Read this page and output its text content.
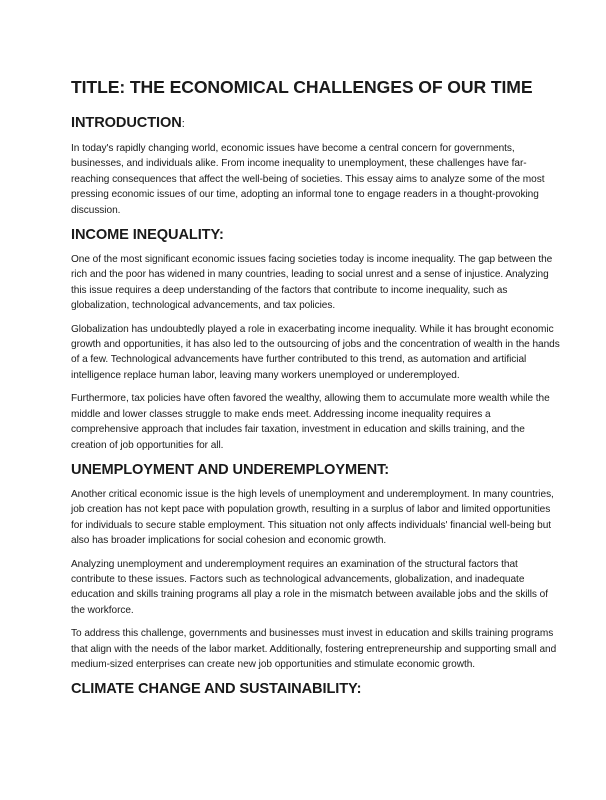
TITLE: THE ECONOMICAL CHALLENGES OF OUR TIME
INTRODUCTION:

In today's rapidly changing world, economic issues have become a central concern for governments, businesses, and individuals alike. From income inequality to unemployment, these challenges have far-reaching consequences that affect the well-being of societies. This essay aims to analyze some of the most pressing economic issues of our time, adopting an informal tone to engage readers in a thought-provoking discussion.

INCOME INEQUALITY:

One of the most significant economic issues facing societies today is income inequality. The gap between the rich and the poor has widened in many countries, leading to social unrest and a sense of injustice. Analyzing this issue requires a deep understanding of the factors that contribute to income inequality, such as globalization, technological advancements, and tax policies.

Globalization has undoubtedly played a role in exacerbating income inequality. While it has brought economic growth and opportunities, it has also led to the outsourcing of jobs and the concentration of wealth in the hands of a few. Technological advancements have further contributed to this trend, as automation and artificial intelligence replace human labor, leaving many workers unemployed or underemployed.

Furthermore, tax policies have often favored the wealthy, allowing them to accumulate more wealth while the middle and lower classes struggle to make ends meet. Addressing income inequality requires a comprehensive approach that includes fair taxation, investment in education and skills training, and the creation of job opportunities for all.

UNEMPLOYMENT AND UNDEREMPLOYMENT:

Another critical economic issue is the high levels of unemployment and underemployment. In many countries, job creation has not kept pace with population growth, resulting in a surplus of labor and limited opportunities for individuals to secure stable employment. This situation not only affects individuals' financial well-being but also has broader implications for social cohesion and economic growth.

Analyzing unemployment and underemployment requires an examination of the structural factors that contribute to these issues. Factors such as technological advancements, globalization, and inadequate education and skills training programs all play a role in the mismatch between available jobs and the skills of the workforce.

To address this challenge, governments and businesses must invest in education and skills training programs that align with the needs of the labor market. Additionally, fostering entrepreneurship and supporting small and medium-sized enterprises can create new job opportunities and stimulate economic growth.

CLIMATE CHANGE AND SUSTAINABILITY:
